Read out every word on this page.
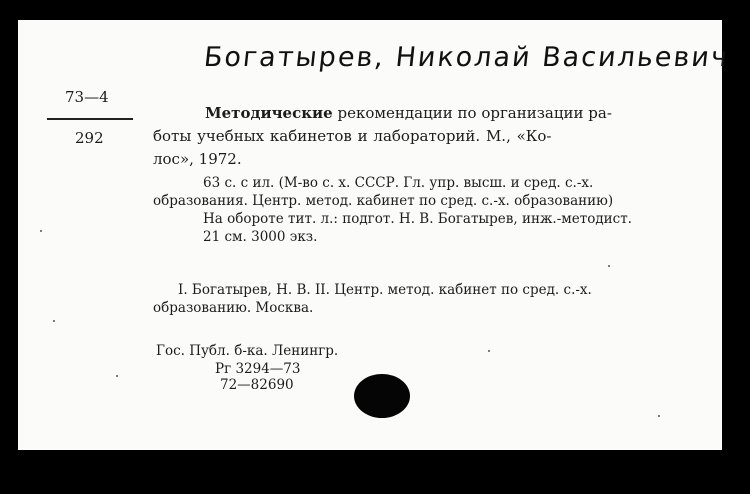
Богатырев, Николай Васильевич
73—4
292
Методические рекомендации по организации ра-
боты учебных кабинетов и лабораторий. М., «Ко-
лос», 1972.
63 с. с ил. (М-во с. х. СССР. Гл. упр. высш. и сред. с.-х.
образования. Центр. метод. кабинет по сред. с.-х. образованию)
На обороте тит. л.: подгот. Н. В. Богатырев, инж.-методист.
21 см. 3000 экз.
I. Богатырев, Н. В. II. Центр. метод. кабинет по сред. с.-х.
образованию. Москва.
Гос. Публ. б-ка. Ленингр.
Рг 3294—73
72—82690
